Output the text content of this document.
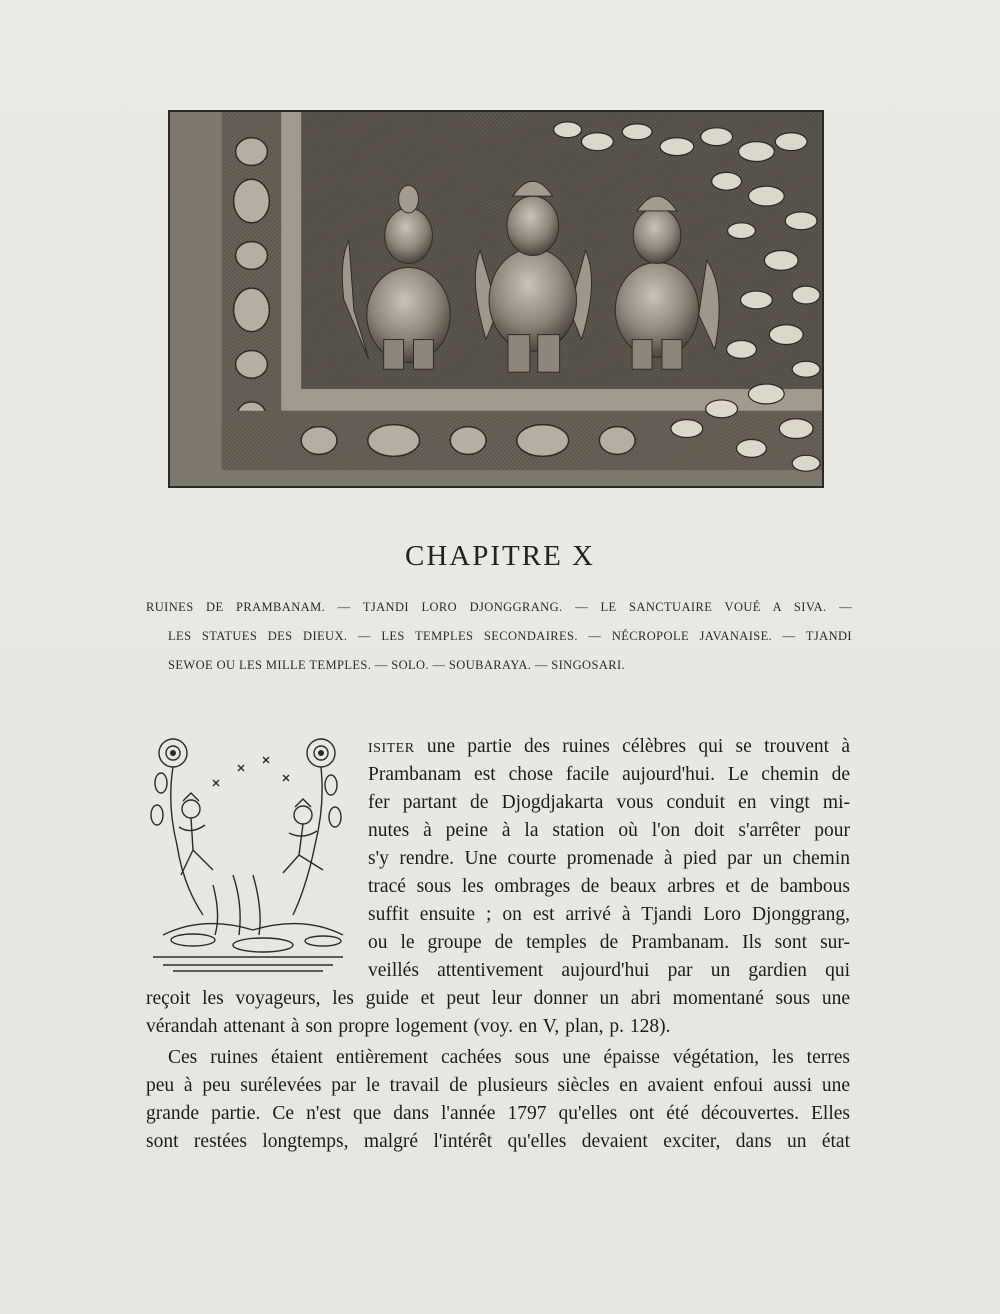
CHAPITRE X
RUINES DE PRAMBANAM. — TJANDI LORO DJONGGRANG. — LE SANCTUAIRE VOUÉ A SIVA. —
LES STATUES DES DIEUX. — LES TEMPLES SECONDAIRES. — NÉCROPOLE JAVANAISE. — TJANDI
SEWOE OU LES MILLE TEMPLES. — SOLO. — SOUBARAYA. — SINGOSARI.
ISITER une partie des ruines célèbres qui se trouvent à
Prambanam est chose facile aujourd'hui. Le chemin de
fer partant de Djogdjakarta vous conduit en vingt mi-
nutes à peine à la station où l'on doit s'arrêter pour
s'y rendre. Une courte promenade à pied par un chemin
tracé sous les ombrages de beaux arbres et de bambous
suffit ensuite ; on est arrivé à Tjandi Loro Djonggrang,
ou le groupe de temples de Prambanam. Ils sont sur-
veillés attentivement aujourd'hui par un gardien qui
reçoit les voyageurs, les guide et peut leur donner un abri momentané sous une
vérandah attenant à son propre logement (voy. en V, plan, p. 128).
Ces ruines étaient entièrement cachées sous une épaisse végétation, les terres
peu à peu surélevées par le travail de plusieurs siècles en avaient enfoui aussi une
grande partie. Ce n'est que dans l'année 1797 qu'elles ont été découvertes. Elles
sont restées longtemps, malgré l'intérêt qu'elles devaient exciter, dans un état
